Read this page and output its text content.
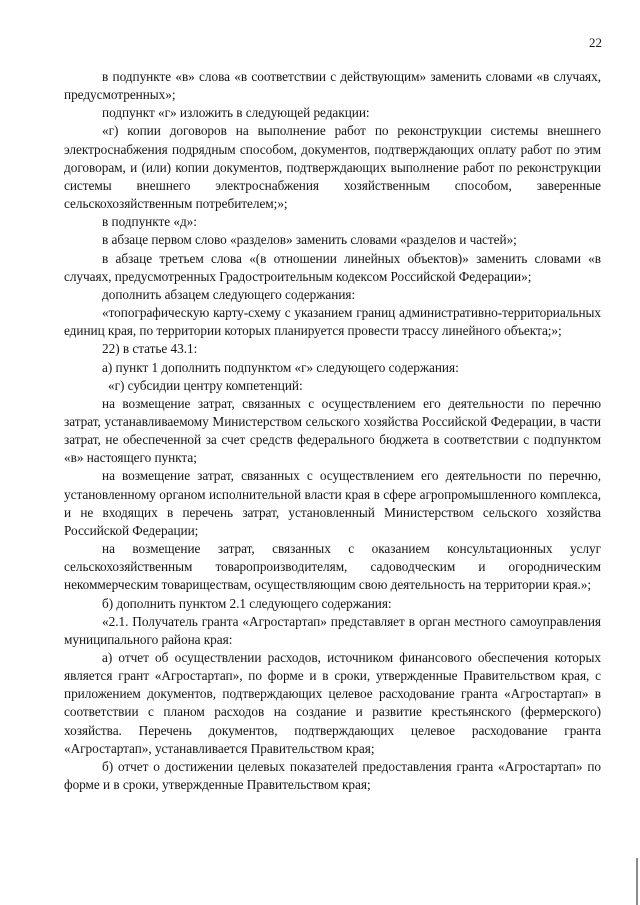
22

в подпункте «в» слова «в соответствии с действующим» заменить словами «в случаях, предусмотренных»;

подпункт «г» изложить в следующей редакции:

«г) копии договоров на выполнение работ по реконструкции системы внешнего электроснабжения подрядным способом, документов, подтверждающих оплату работ по этим договорам, и (или) копии документов, подтверждающих выполнение работ по реконструкции системы внешнего электроснабжения хозяйственным способом, заверенные сельскохозяйственным потребителем;»;

в подпункте «д»:

в абзаце первом слово «разделов» заменить словами «разделов и частей»;

в абзаце третьем слова «(в отношении линейных объектов)» заменить словами «в случаях, предусмотренных Градостроительным кодексом Российской Федерации»;

дополнить абзацем следующего содержания:

«топографическую карту-схему с указанием границ административно-территориальных единиц края, по территории которых планируется провести трассу линейного объекта;»;

22) в статье 43.1:

а) пункт 1 дополнить подпунктом «г» следующего содержания:

«г) субсидии центру компетенций:

на возмещение затрат, связанных с осуществлением его деятельности по перечню затрат, устанавливаемому Министерством сельского хозяйства Российской Федерации, в части затрат, не обеспеченной за счет средств федерального бюджета в соответствии с подпунктом «в» настоящего пункта;

на возмещение затрат, связанных с осуществлением его деятельности по перечню, установленному органом исполнительной власти края в сфере агропромышленного комплекса, и не входящих в перечень затрат, установленный Министерством сельского хозяйства Российской Федерации;

на возмещение затрат, связанных с оказанием консультационных услуг сельскохозяйственным товаропроизводителям, садоводческим и огородническим некоммерческим товариществам, осуществляющим свою деятельность на территории края.»;

б) дополнить пунктом 2.1 следующего содержания:

«2.1. Получатель гранта «Агростартап» представляет в орган местного самоуправления муниципального района края:

а) отчет об осуществлении расходов, источником финансового обеспечения которых является грант «Агростартап», по форме и в сроки, утвержденные Правительством края, с приложением документов, подтверждающих целевое расходование гранта «Агростартап» в соответствии с планом расходов на создание и развитие крестьянского (фермерского) хозяйства. Перечень документов, подтверждающих целевое расходование гранта «Агростартап», устанавливается Правительством края;

б) отчет о достижении целевых показателей предоставления гранта «Агростартап» по форме и в сроки, утвержденные Правительством края;
